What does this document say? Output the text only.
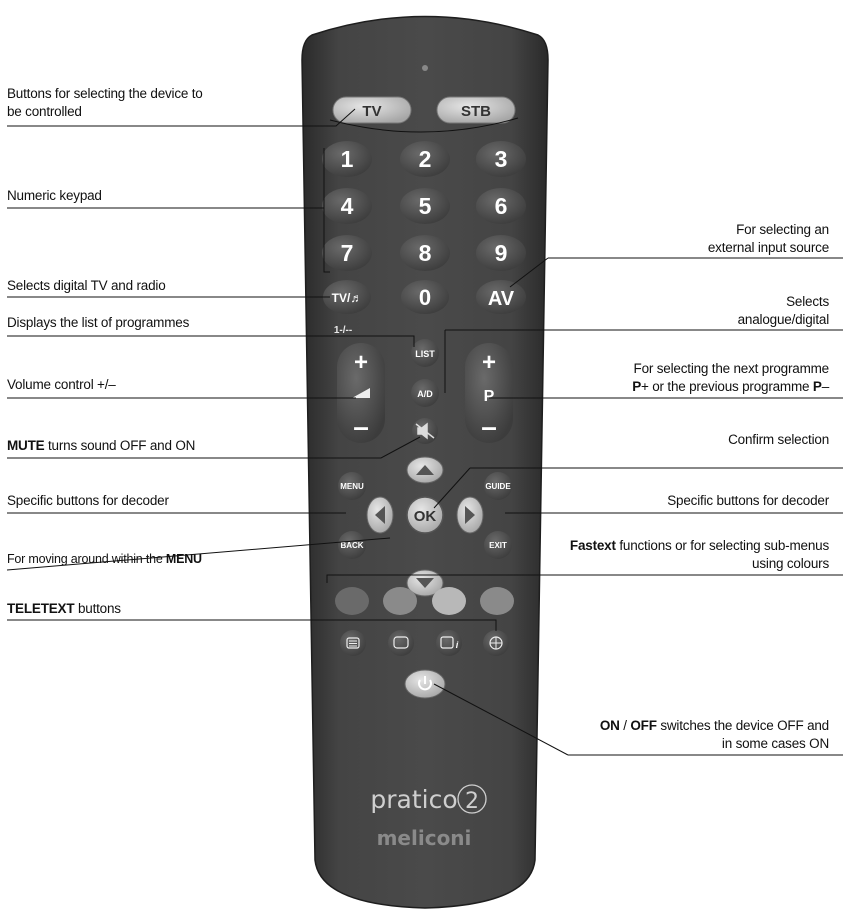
TV	STB
1	2	3
4	5	6
7	8	9
TV/♬	0	AV
1-/--
+
–
+
P
–
LIST
A/D
MENU
BACK
GUIDE
EXIT
OK
i
pratico 2
meliconi
Buttons for selecting the device to
be controlled
Numeric keypad
Selects digital TV and radio
Displays the list of programmes
Volume control +/–
MUTE turns sound OFF and ON
Specific buttons for decoder
For moving around within the MENU
TELETEXT buttons
For selecting an
external input source
Selects
analogue/digital
For selecting the next programme
P+ or the previous programme P–
Confirm selection
Specific buttons for decoder
Fastext functions or for selecting sub-menus
using colours
ON / OFF switches the device OFF and
in some cases ON
